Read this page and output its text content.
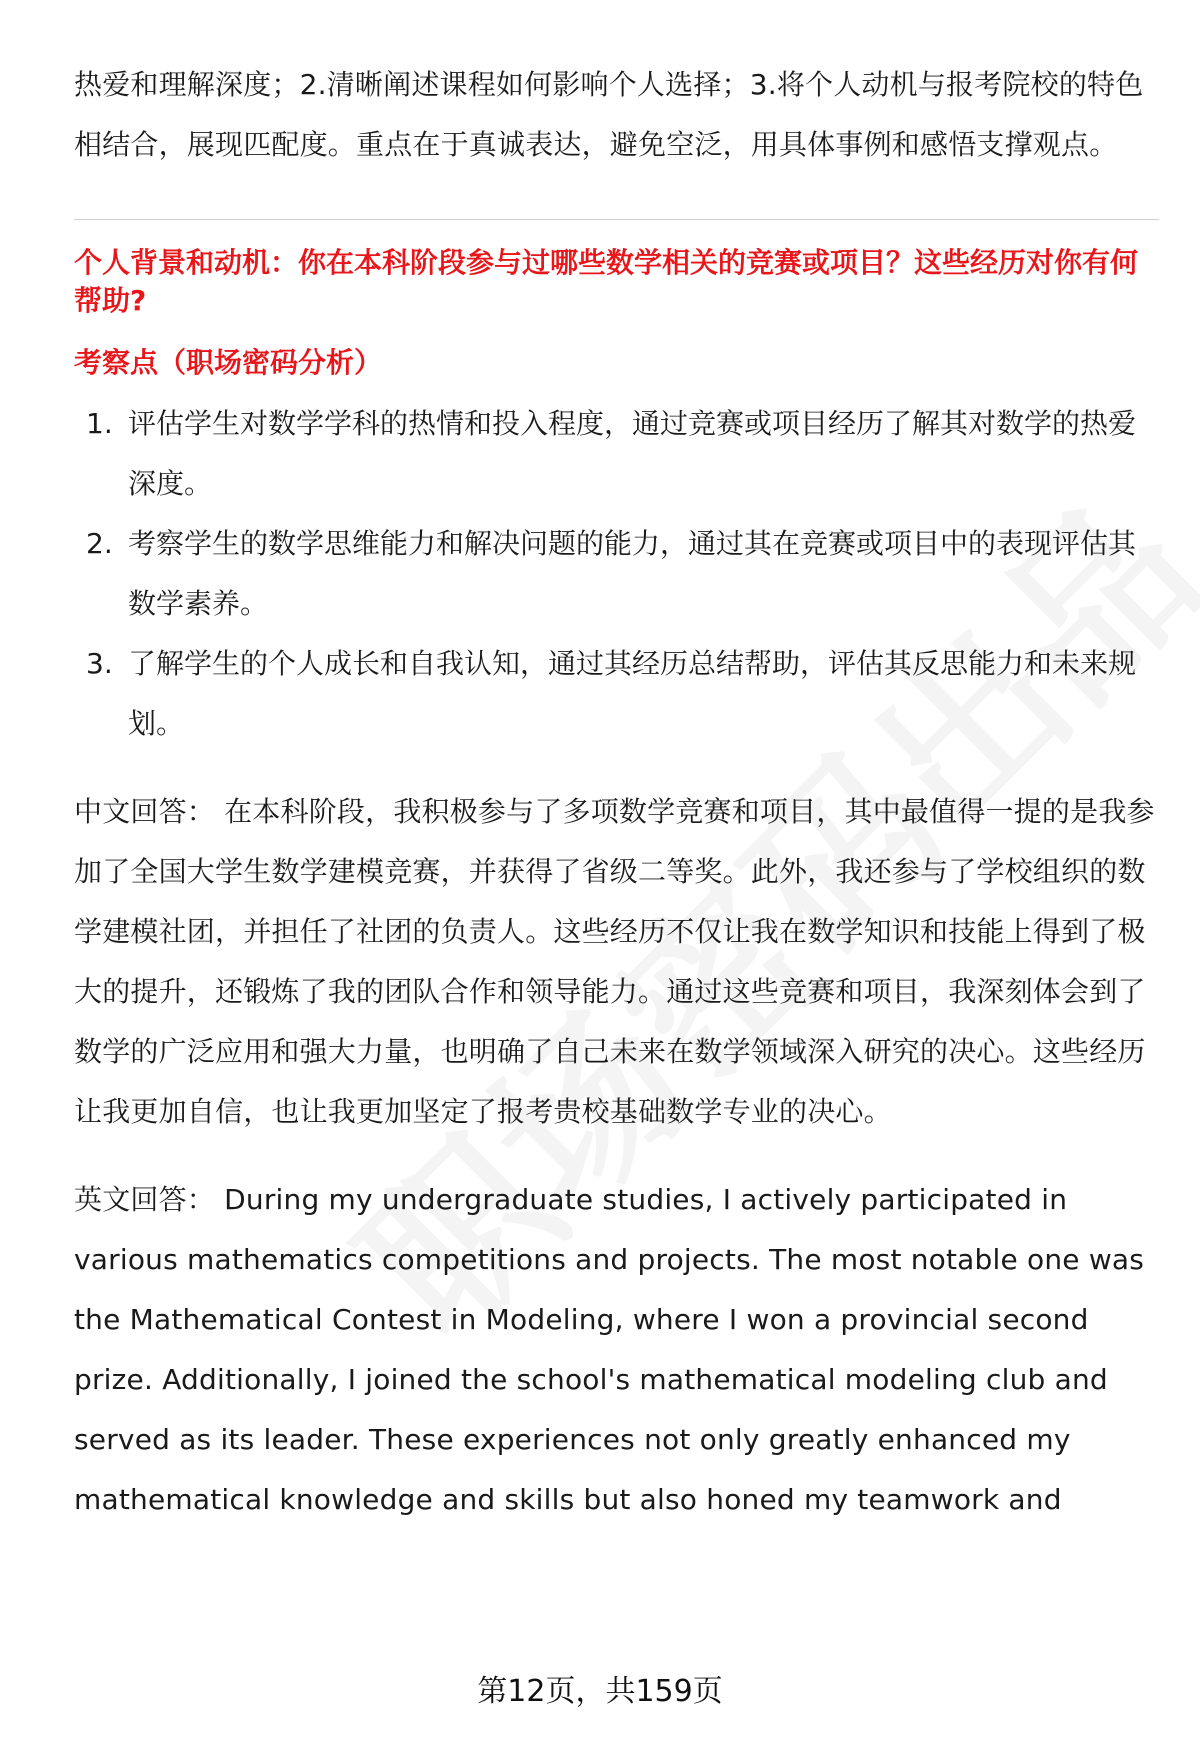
热爱和理解深度；2.清晰阐述课程如何影响个人选择；3.将个人动机与报考院校的特色相结合，展现匹配度。重点在于真诚表达，避免空泛，用具体事例和感悟支撑观点。

个人背景和动机：你在本科阶段参与过哪些数学相关的竞赛或项目？这些经历对你有何帮助?

考察点（职场密码分析）

1. 评估学生对数学学科的热情和投入程度，通过竞赛或项目经历了解其对数学的热爱深度。
2. 考察学生的数学思维能力和解决问题的能力，通过其在竞赛或项目中的表现评估其数学素养。
3. 了解学生的个人成长和自我认知，通过其经历总结帮助，评估其反思能力和未来规划。

中文回答： 在本科阶段，我积极参与了多项数学竞赛和项目，其中最值得一提的是我参加了全国大学生数学建模竞赛，并获得了省级二等奖。此外，我还参与了学校组织的数学建模社团，并担任了社团的负责人。这些经历不仅让我在数学知识和技能上得到了极大的提升，还锻炼了我的团队合作和领导能力。通过这些竞赛和项目，我深刻体会到了数学的广泛应用和强大力量，也明确了自己未来在数学领域深入研究的决心。这些经历让我更加自信，也让我更加坚定了报考贵校基础数学专业的决心。

英文回答： During my undergraduate studies, I actively participated in various mathematics competitions and projects. The most notable one was the Mathematical Contest in Modeling, where I won a provincial second prize. Additionally, I joined the school's mathematical modeling club and served as its leader. These experiences not only greatly enhanced my mathematical knowledge and skills but also honed my teamwork and

第12页，共159页
